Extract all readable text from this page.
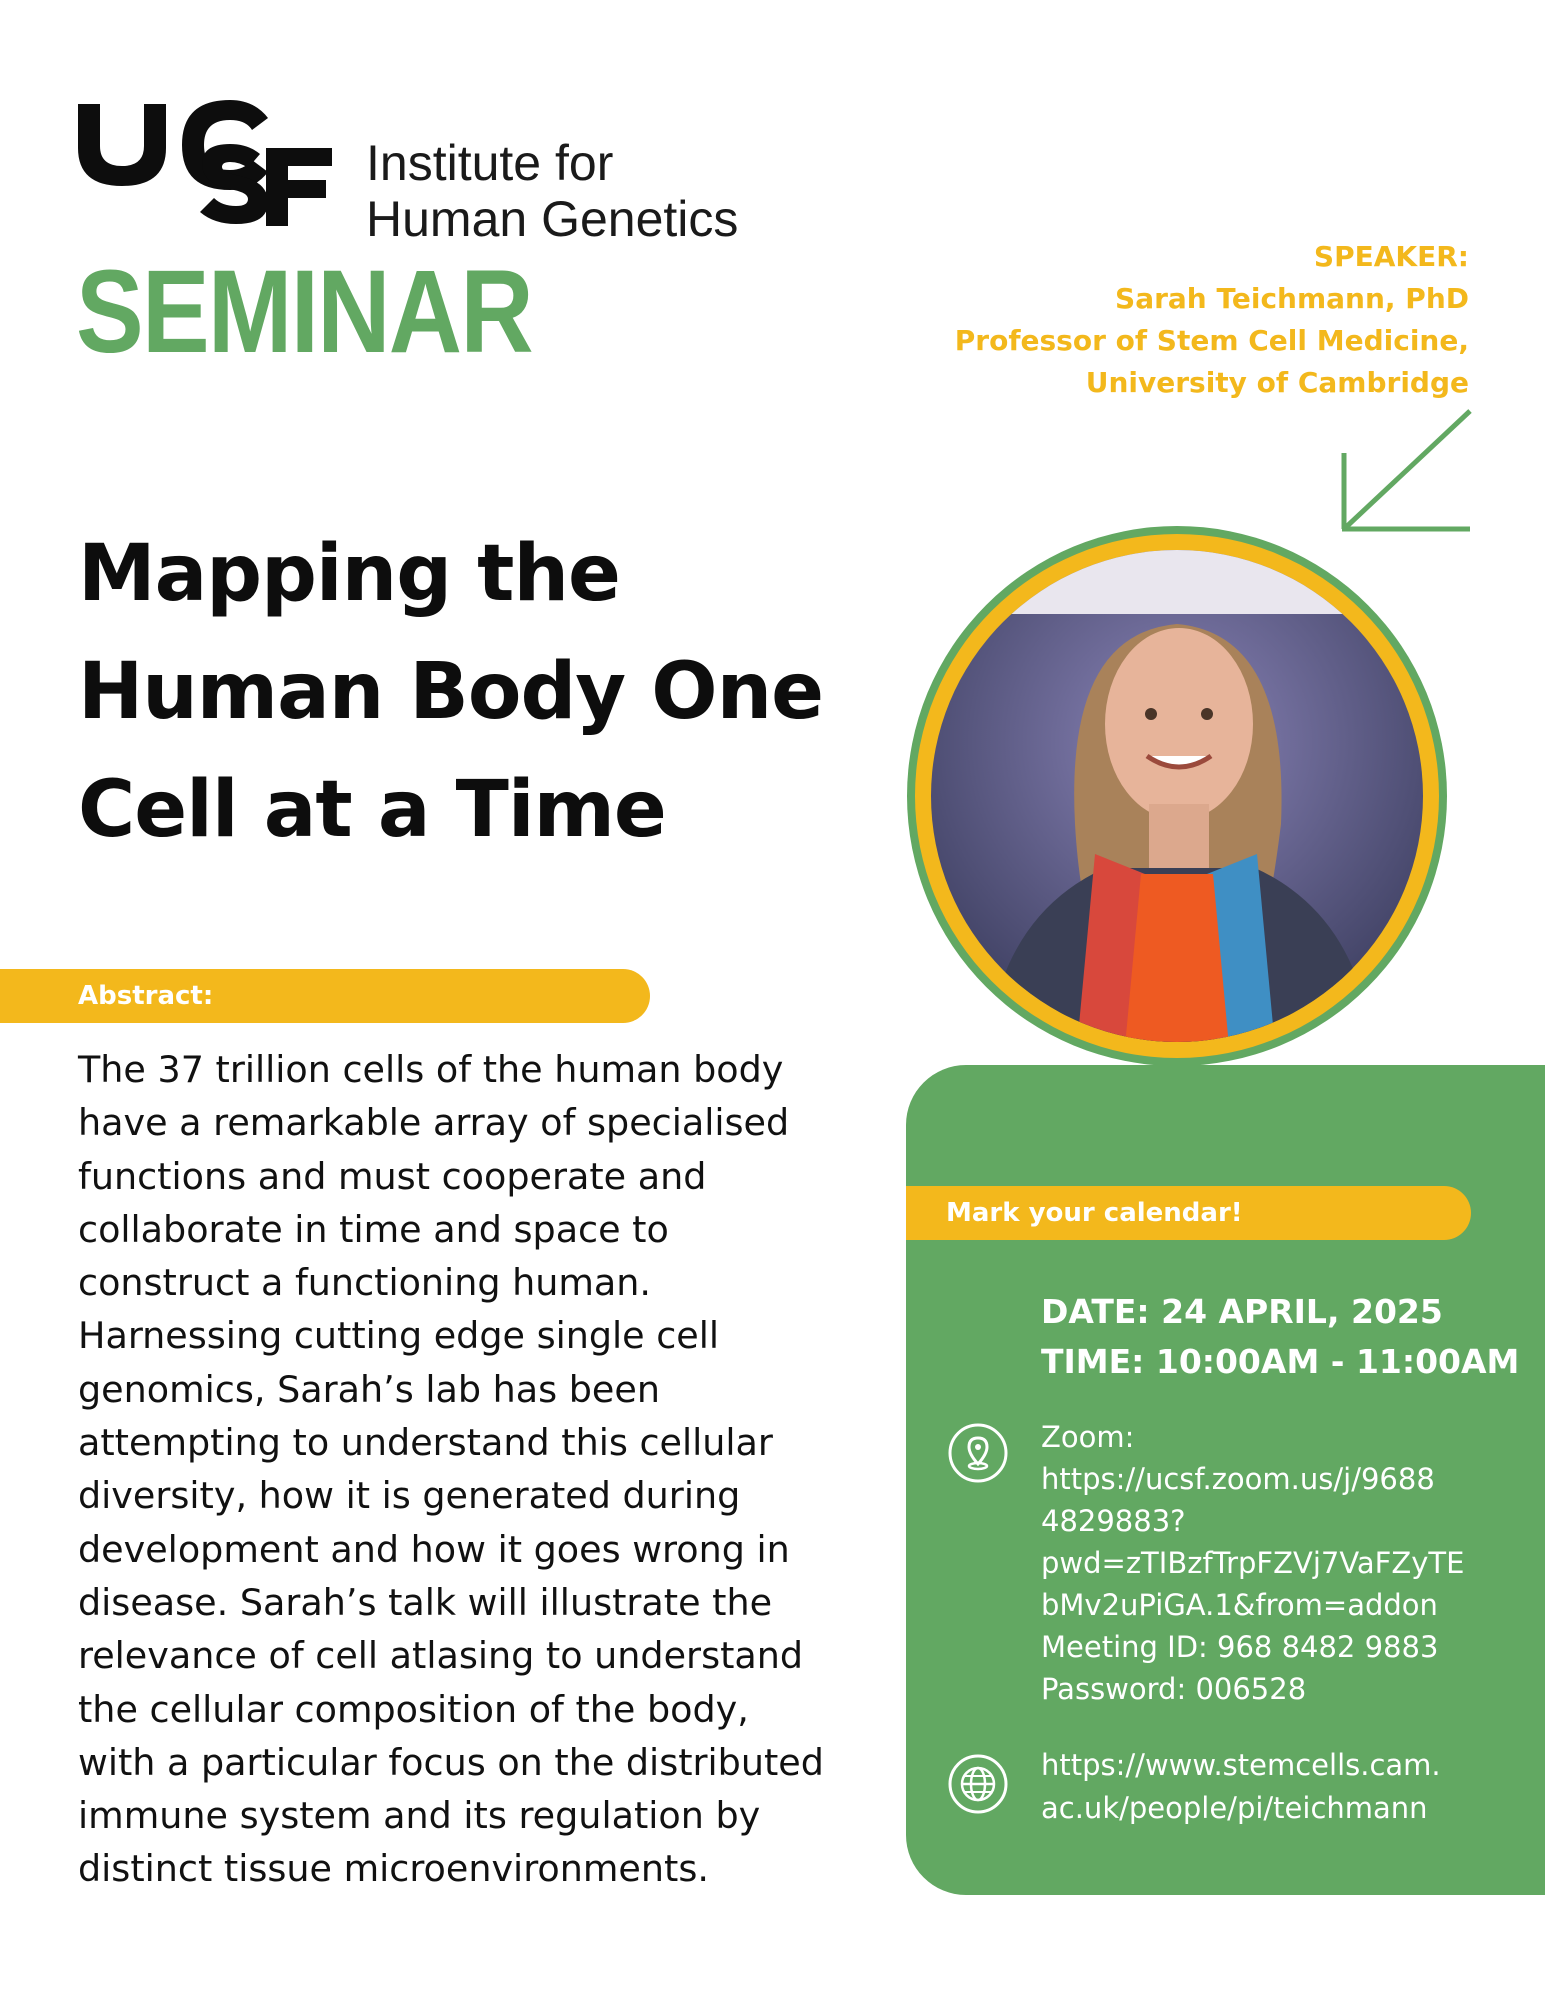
Institute for
Human Genetics
SEMINAR	SPEAKER:
Sarah Teichmann, PhD
Professor of Stem Cell Medicine,
University of Cambridge
Mapping the
Human Body One
Cell at a Time
Abstract:
The 37 trillion cells of the human body
have a remarkable array of specialised
functions and must cooperate and
collaborate in time and space to
construct a functioning human.
Harnessing cutting edge single cell
genomics, Sarah’s lab has been
attempting to understand this cellular
diversity, how it is generated during
development and how it goes wrong in
disease. Sarah’s talk will illustrate the
relevance of cell atlasing to understand
the cellular composition of the body,
with a particular focus on the distributed
immune system and its regulation by
distinct tissue microenvironments.
Mark your calendar!
DATE: 24 APRIL, 2025
TIME: 10:00AM - 11:00AM
Zoom:
https://ucsf.zoom.us/j/9688
4829883?
pwd=zTIBzfTrpFZVj7VaFZyTE
bMv2uPiGA.1&from=addon
Meeting ID: 968 8482 9883
Password: 006528
https://www.stemcells.cam.
ac.uk/people/pi/teichmann
